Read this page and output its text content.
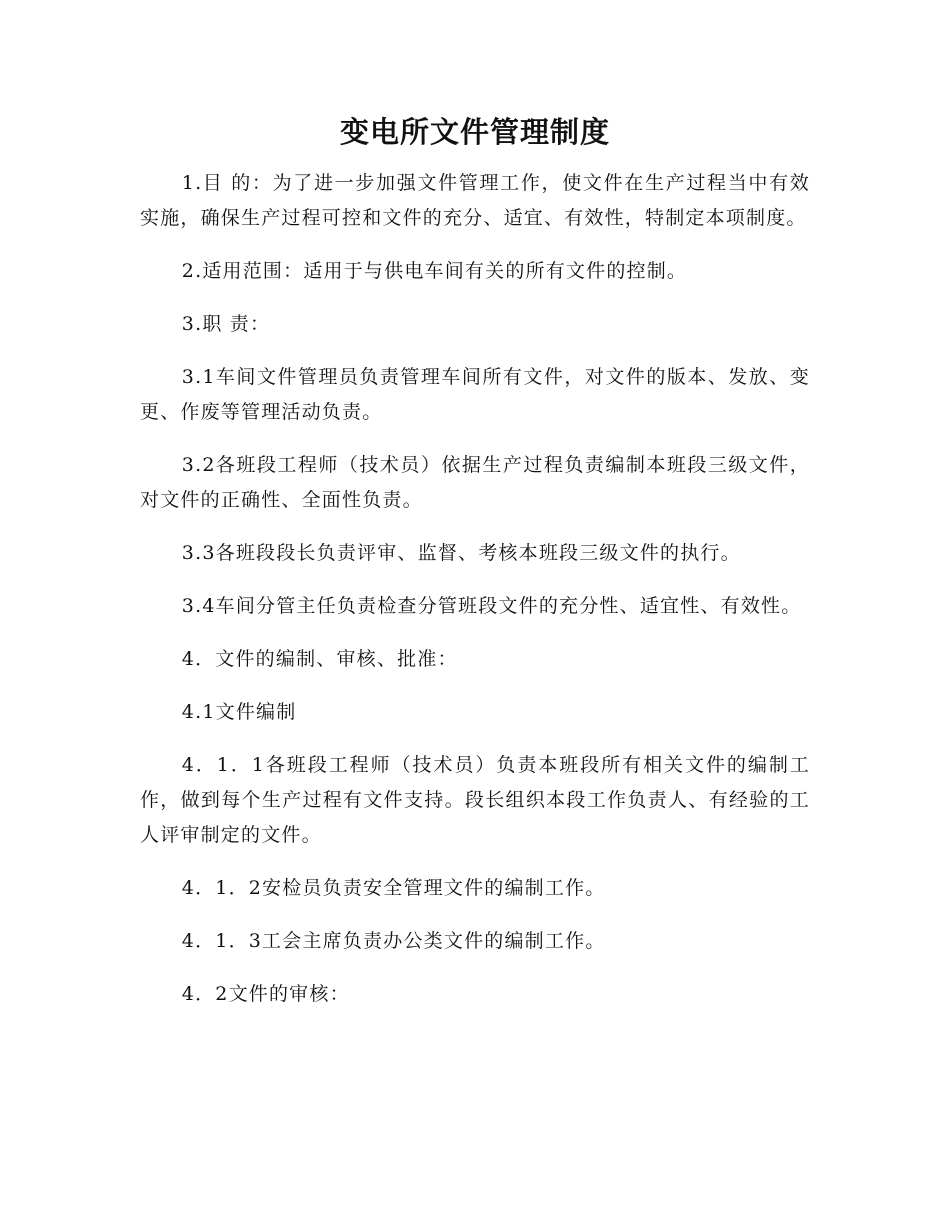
变电所文件管理制度

1.目 的：为了进一步加强文件管理工作，使文件在生产过程当中有效实施，确保生产过程可控和文件的充分、适宜、有效性，特制定本项制度。

2.适用范围：适用于与供电车间有关的所有文件的控制。

3.职 责：

3.1车间文件管理员负责管理车间所有文件，对文件的版本、发放、变更、作废等管理活动负责。

3.2各班段工程师（技术员）依据生产过程负责编制本班段三级文件，对文件的正确性、全面性负责。

3.3各班段段长负责评审、监督、考核本班段三级文件的执行。

3.4车间分管主任负责检查分管班段文件的充分性、适宜性、有效性。

4．文件的编制、审核、批准：

4.1文件编制

4．1．1各班段工程师（技术员）负责本班段所有相关文件的编制工作，做到每个生产过程有文件支持。段长组织本段工作负责人、有经验的工人评审制定的文件。

4．1．2安检员负责安全管理文件的编制工作。

4．1．3工会主席负责办公类文件的编制工作。

4．2文件的审核：
